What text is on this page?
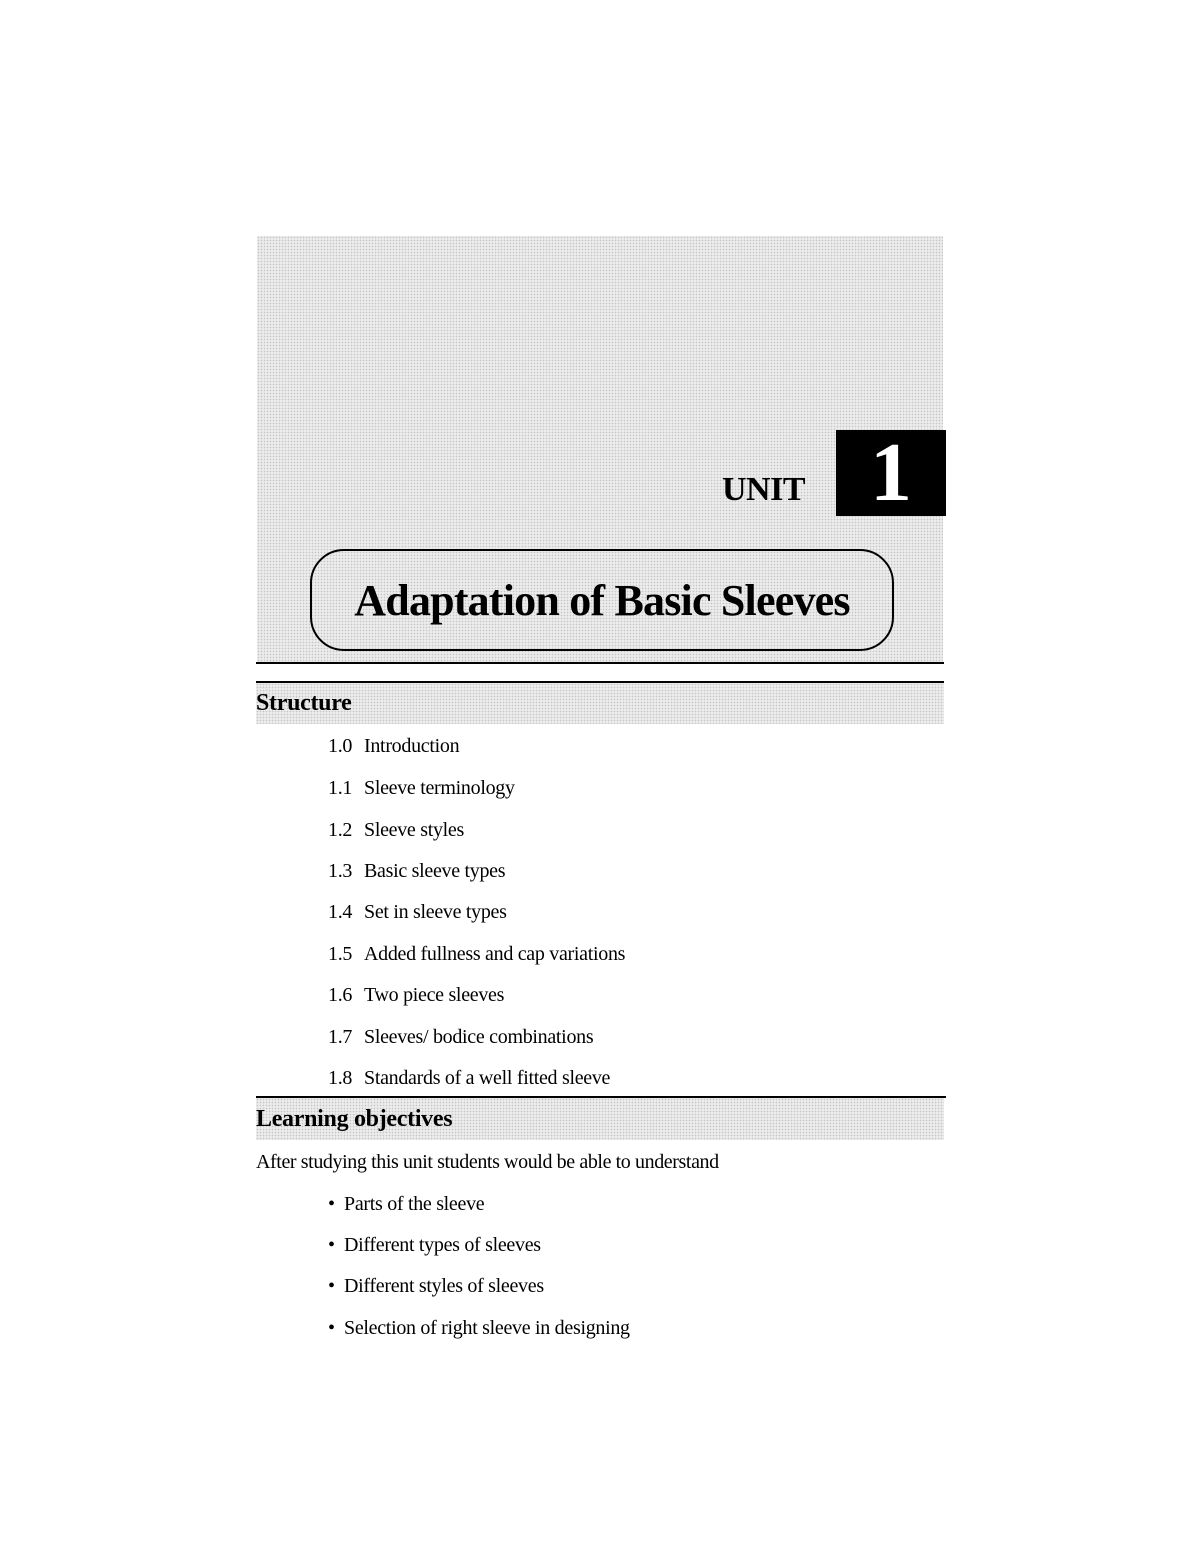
UNIT 1
Adaptation of Basic Sleeves
Structure
1.0 Introduction
1.1 Sleeve terminology
1.2 Sleeve styles
1.3 Basic sleeve types
1.4 Set in sleeve types
1.5 Added fullness and cap variations
1.6 Two piece sleeves
1.7 Sleeves/ bodice combinations
1.8 Standards of a well fitted sleeve
Learning objectives
After studying this unit students would be able to understand
• Parts of the sleeve
• Different types of sleeves
• Different styles of sleeves
• Selection of right sleeve in designing
